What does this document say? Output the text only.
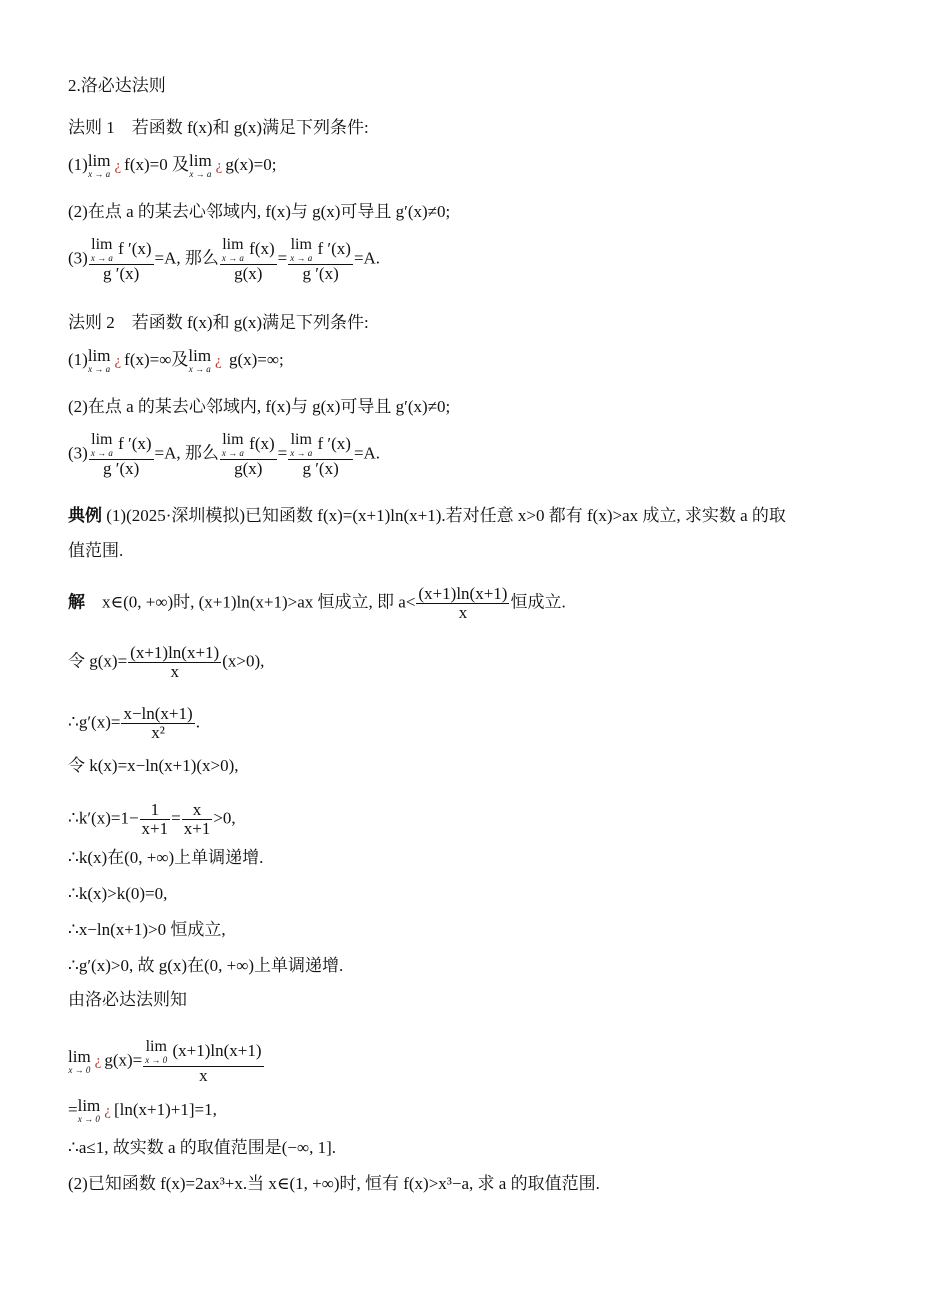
2.洛必达法则
法则 1　若函数 f(x)和 g(x)满足下列条件:
(1) lim
x → a
¿ f(x)=0 及 lim
x → a
¿ g(x)=0;
(2)在点 a 的某去心邻域内, f(x)与 g(x)可导且 g′(x)≠0;
(3) lim
x → a
f ′(x)
g ′(x) =A, 那么 lim
x → a
f(x)
g(x) = lim
x → a
f ′(x)
g ′(x) =A.
法则 2　若函数 f(x)和 g(x)满足下列条件:
(1) lim
x → a
¿ f(x)=∞及 lim
x → a
¿ g(x)=∞;
(2)在点 a 的某去心邻域内, f(x)与 g(x)可导且 g′(x)≠0;
(3) lim
x → a
f ′(x)
g ′(x) =A, 那么 lim
x → a
f(x)
g(x) = lim
x → a
f ′(x)
g ′(x) =A.
典例 (1)(2025·深圳模拟)已知函数 f(x)=(x+1)ln(x+1).若对任意 x>0 都有 f(x)>ax 成立, 求实数 a 的取
值范围.
解　x∈(0, +∞)时, (x+1)ln(x+1)>ax 恒成立, 即 $a< \frac{(x+1)\ln(x+1)}{x}$ 恒成立.
令 $g(x)= \frac{(x+1)\ln(x+1)}{x} (x>0)$,
∴g′(x)= $\frac{x-\ln(x+1)}{\text{x²}}$ .
令 k(x)=x−ln(x+1)(x>0),
∴k′(x)=1− $\frac{1}{x+1} = \frac{x}{x+1} >0$,
∴k(x)在(0, +∞)上单调递增.
∴k(x)>k(0)=0,
∴x−ln(x+1)>0 恒成立,
∴g′(x)>0, 故 g(x)在(0, +∞)上单调递增.
由洛必达法则知
lim
x → 0
¿ g(x)= lim
x → 0
(x+1)ln(x+1)
x
= lim
x → 0
¿ [ln(x+1)+1]=1,
∴a≤1, 故实数 a 的取值范围是(−∞, 1].
(2)已知函数 f(x)=2ax³+x.当 x∈(1, +∞)时, 恒有 f(x)>x³−a, 求 a 的取值范围.
